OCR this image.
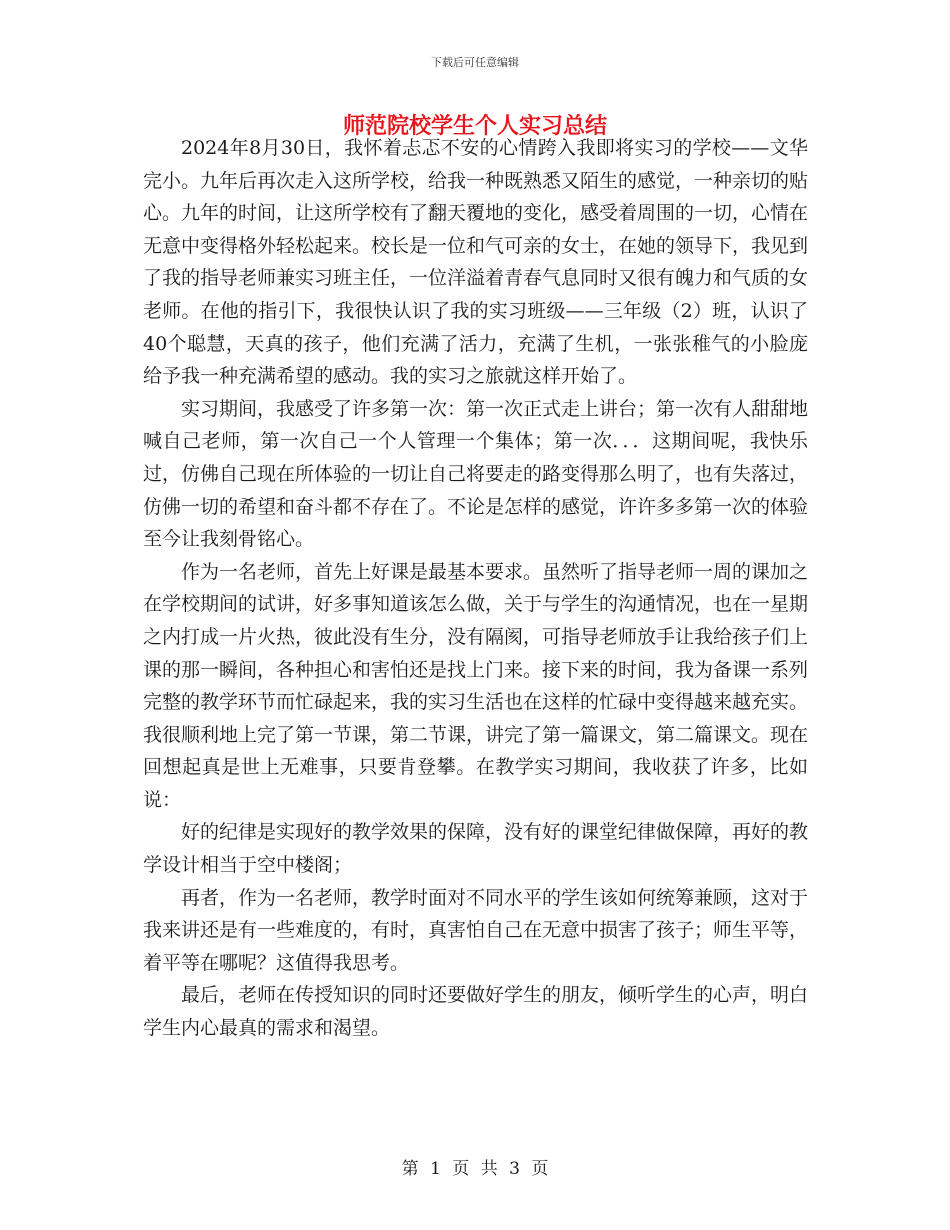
下载后可任意编辑
师范院校学生个人实习总结

2024年8月30日，我怀着忐忑不安的心情跨入我即将实习的学校——文华完小。九年后再次走入这所学校，给我一种既熟悉又陌生的感觉，一种亲切的贴心。九年的时间，让这所学校有了翻天覆地的变化，感受着周围的一切，心情在无意中变得格外轻松起来。校长是一位和气可亲的女士，在她的领导下，我见到了我的指导老师兼实习班主任，一位洋溢着青春气息同时又很有魄力和气质的女老师。在他的指引下，我很快认识了我的实习班级——三年级（2）班，认识了40个聪慧，天真的孩子，他们充满了活力，充满了生机，一张张稚气的小脸庞给予我一种充满希望的感动。我的实习之旅就这样开始了。

实习期间，我感受了许多第一次：第一次正式走上讲台；第一次有人甜甜地喊自己老师，第一次自己一个人管理一个集体；第一次．．．这期间呢，我快乐过，仿佛自己现在所体验的一切让自己将要走的路变得那么明了，也有失落过，仿佛一切的希望和奋斗都不存在了。不论是怎样的感觉，许许多多第一次的体验至今让我刻骨铭心。

作为一名老师，首先上好课是最基本要求。虽然听了指导老师一周的课加之在学校期间的试讲，好多事知道该怎么做，关于与学生的沟通情况，也在一星期之内打成一片火热，彼此没有生分，没有隔阂，可指导老师放手让我给孩子们上课的那一瞬间，各种担心和害怕还是找上门来。接下来的时间，我为备课一系列完整的教学环节而忙碌起来，我的实习生活也在这样的忙碌中变得越来越充实。我很顺利地上完了第一节课，第二节课，讲完了第一篇课文，第二篇课文。现在回想起真是世上无难事，只要肯登攀。在教学实习期间，我收获了许多，比如说：

好的纪律是实现好的教学效果的保障，没有好的课堂纪律做保障，再好的教学设计相当于空中楼阁；

再者，作为一名老师，教学时面对不同水平的学生该如何统筹兼顾，这对于我来讲还是有一些难度的，有时，真害怕自己在无意中损害了孩子；师生平等，着平等在哪呢？这值得我思考。

最后，老师在传授知识的同时还要做好学生的朋友，倾听学生的心声，明白学生内心最真的需求和渴望。

第 1 页 共 3 页
